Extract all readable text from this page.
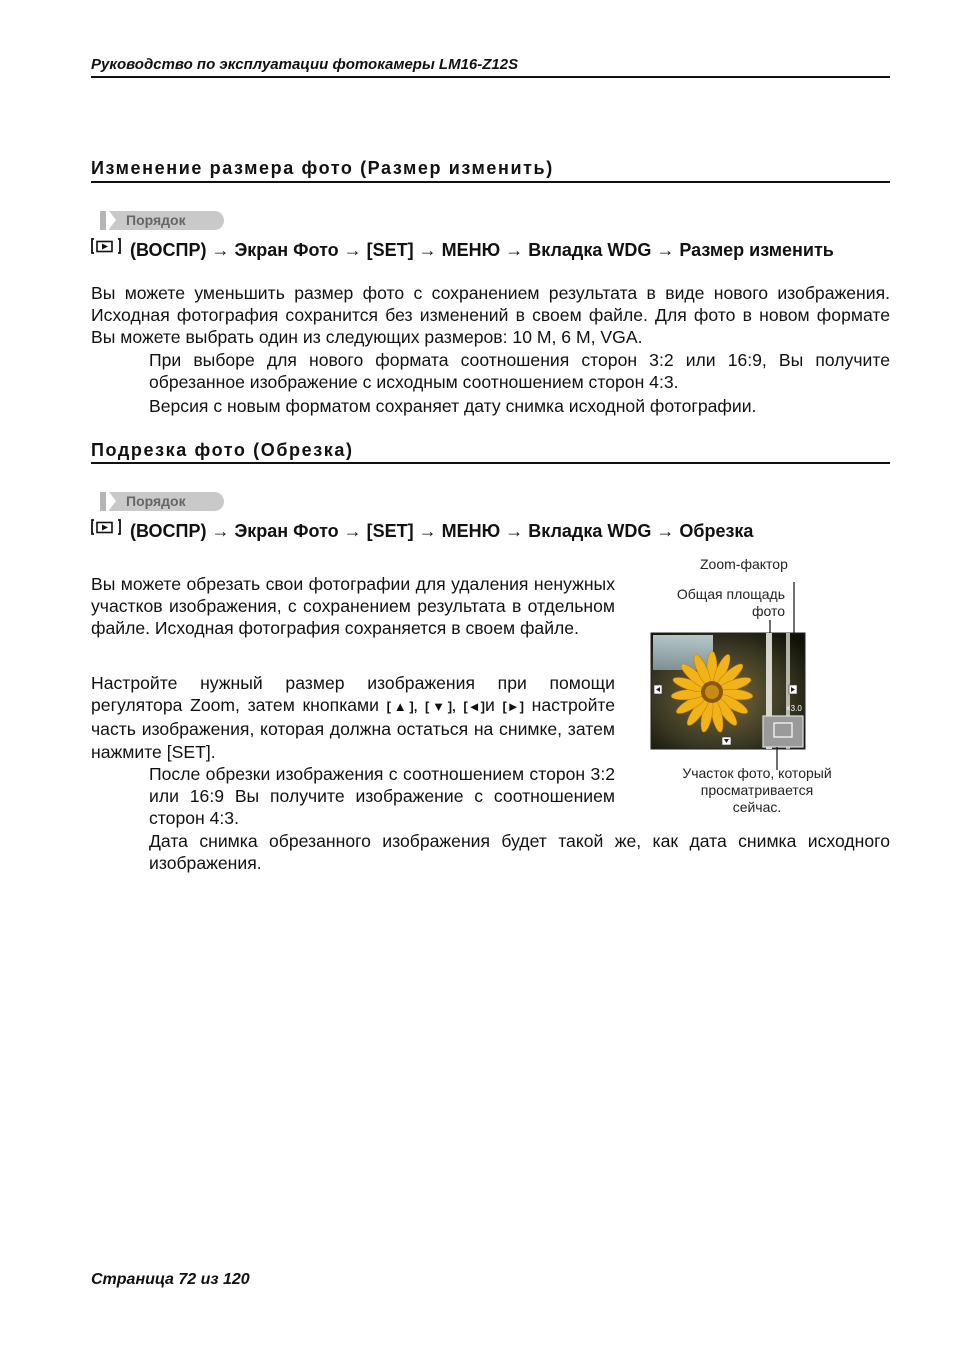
Руководство по эксплуатации фотокамеры LM16-Z12S
Изменение размера фото (Размер изменить)
Порядок
(ВОСПР) → Экран Фото → [SET] → МЕНЮ → Вкладка WDG → Размер изменить
Вы можете уменьшить размер фото с сохранением результата в виде нового изображения. Исходная фотография сохранится без изменений в своем файле. Для фото в новом формате Вы можете выбрать один из следующих размеров: 10 M, 6 M, VGA.
При выборе для нового формата соотношения сторон 3:2 или 16:9, Вы получите обрезанное изображение с исходным соотношением сторон 4:3.
Версия с новым форматом сохраняет дату снимка исходной фотографии.
Подрезка фото (Обрезка)
Порядок
(ВОСПР) → Экран Фото → [SET] → МЕНЮ → Вкладка WDG → Обрезка
Вы можете обрезать свои фотографии для удаления ненужных участков изображения, с сохранением результата в отдельном файле. Исходная фотография сохраняется в своем файле.
Настройте нужный размер изображения при помощи регулятора Zoom, затем кнопками [▲], [▼], [◄]и [►] настройте часть изображения, которая должна остаться на снимке, затем нажмите [SET].
После обрезки изображения с соотношением сторон 3:2 или 16:9 Вы получите изображение с соотношением сторон 4:3.
Дата снимка обрезанного изображения будет такой же, как дата снимка исходного изображения.
Zoom-фактор
Общая площадь
фото
×3.0
Участок фото, который
просматривается
сейчас.
Страница 72 из 120
